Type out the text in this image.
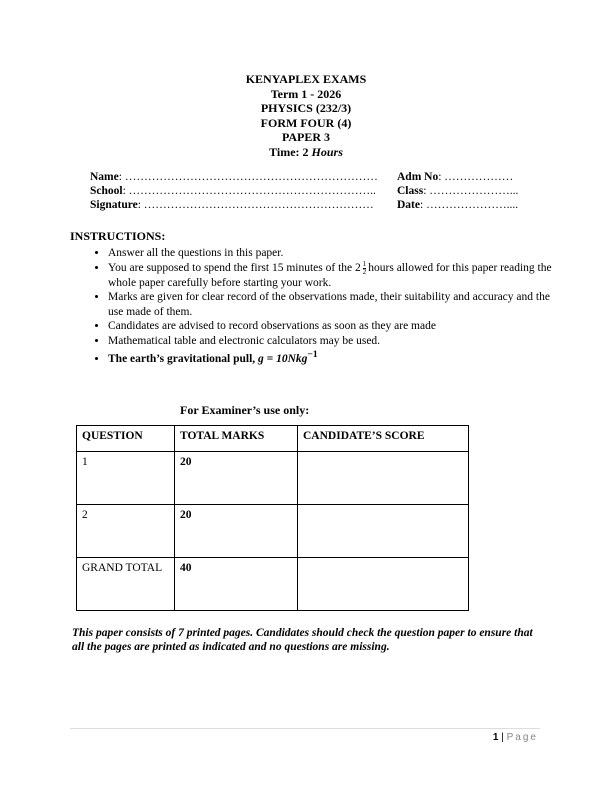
KENYAPLEX EXAMS
Term 1 - 2026
PHYSICS (232/3)
FORM FOUR (4)
PAPER 3
Time: 2 Hours
Name: …………………………………………………………	Adm No : ………………
School: ………………………………………………………..	Class : …………………...
Signature: ……………………………………………………	Date : …………………....
INSTRUCTIONS:
• Answer all the questions in this paper.
• You are supposed to spend the first 15 minutes of the $2 \frac{1}{2}$ hours allowed for this paper reading the whole paper carefully before starting your work.
• Marks are given for clear record of the observations made, their suitability and accuracy and the use made of them.
• Candidates are advised to record observations as soon as they are made
• Mathematical table and electronic calculators may be used.
• The earth’s gravitational pull, g = 10Nkg$^{-1}$
For Examiner’s use only:
QUESTION	TOTAL MARKS	CANDIDATE’S SCORE
1	20	
2	20	
GRAND TOTAL	40	
This paper consists of 7 printed pages. Candidates should check the question paper to ensure that all the pages are printed as indicated and no questions are missing.
1 | Page
